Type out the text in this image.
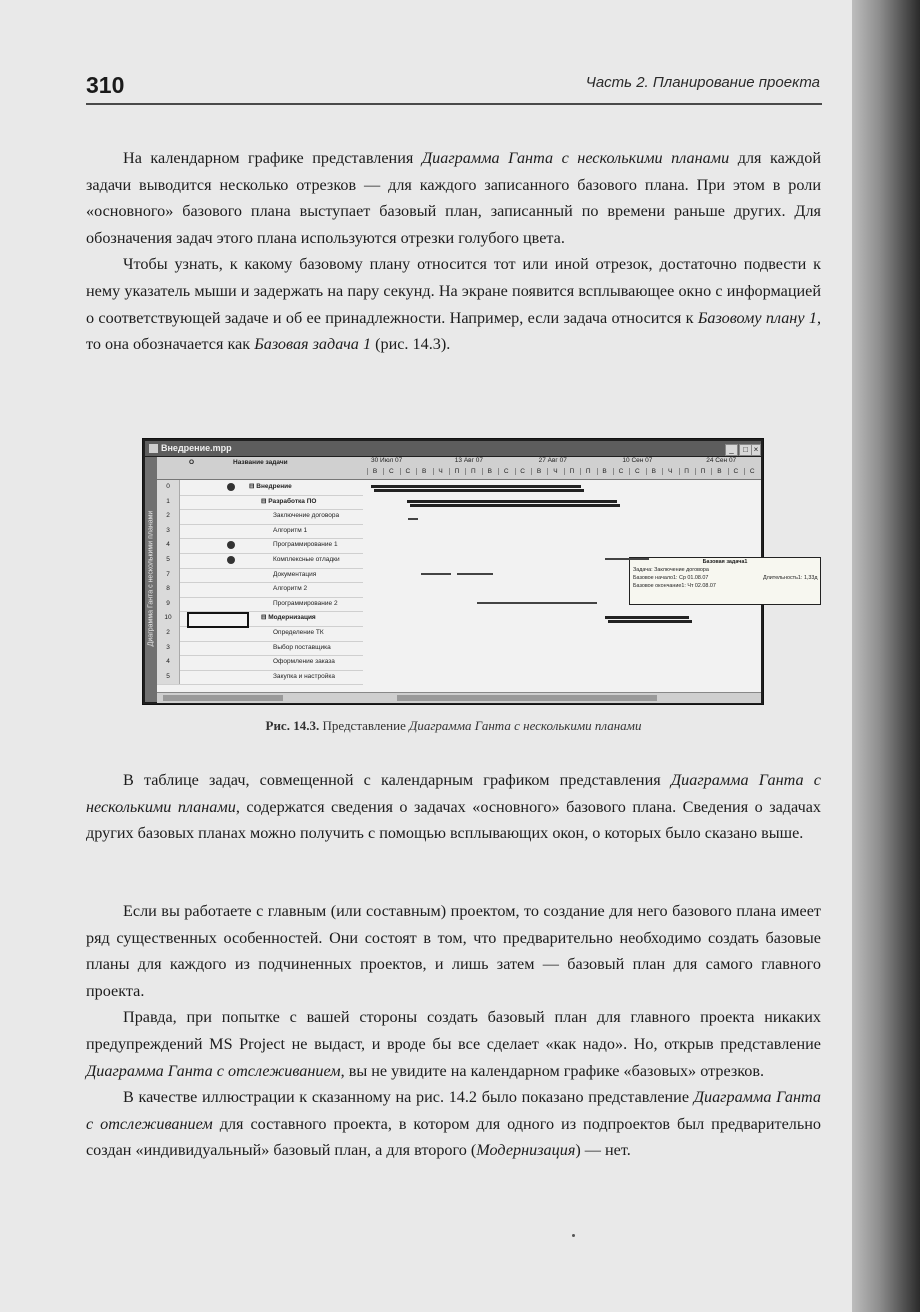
310	Часть 2. Планирование проекта

На календарном графике представления Диаграмма Ганта с несколькими планами для каждой задачи выводится несколько отрезков — для каждого записанного базового плана. При этом в роли «основного» базового плана выступает базовый план, записанный по времени раньше других. Для обозначения задач этого плана используются отрезки голубого цвета.

Чтобы узнать, к какому базовому плану относится тот или иной отрезок, достаточно подвести к нему указатель мыши и задержать на пару секунд. На экране появится всплывающее окно с информацией о соответствующей задаче и об ее принадлежности. Например, если задача относится к Базовому плану 1, то она обозначается как Базовая задача 1 (рис. 14.3).

Внедрение.mpp	_	□ ×
Диаграмма Ганта с несколькими планами
О	Название задачи	30 Июл 07	13 Авг 07	27 Авг 07	10 Сен 07	24 Сен 07
В	С	С	В	Ч	П	П	В	С	С	В	Ч	П	П	В	С	С	В	Ч	П	П	В	С	С
0	⊟ Внедрение
1	⊟ Разработка ПО
2	Заключение договора
3	Алгоритм 1
4	Программирование 1
5	Комплексные отладки
7	Документация
8	Алгоритм 2
9	Программирование 2
10	⊟ Модернизация
2	Определение ТК
3	Выбор поставщика
4	Оформление заказа
5	Закупка и настройка
Базовая задача1
Задача: Заключение договора
Базовое начало1: Ср 01.08.07	Длительность1: 1,33д
Базовое окончание1: Чт 02.08.07
Рис. 14.3. Представление Диаграмма Ганта с несколькими планами

В таблице задач, совмещенной с календарным графиком представления Диаграмма Ганта с несколькими планами, содержатся сведения о задачах «основного» базового плана. Сведения о задачах других базовых планах можно получить с помощью всплывающих окон, о которых было сказано выше.

Если вы работаете с главным (или составным) проектом, то создание для него базового плана имеет ряд существенных особенностей. Они состоят в том, что предварительно необходимо создать базовые планы для каждого из подчиненных проектов, и лишь затем — базовый план для самого главного проекта.

Правда, при попытке с вашей стороны создать базовый план для главного проекта никаких предупреждений MS Project не выдаст, и вроде бы все сделает «как надо». Но, открыв представление Диаграмма Ганта с отслеживанием, вы не увидите на календарном графике «базовых» отрезков.

В качестве иллюстрации к сказанному на рис. 14.2 было показано представление Диаграмма Ганта с отслеживанием для составного проекта, в котором для одного из подпроектов был предварительно создан «индивидуальный» базовый план, а для второго (Модернизация) — нет.
